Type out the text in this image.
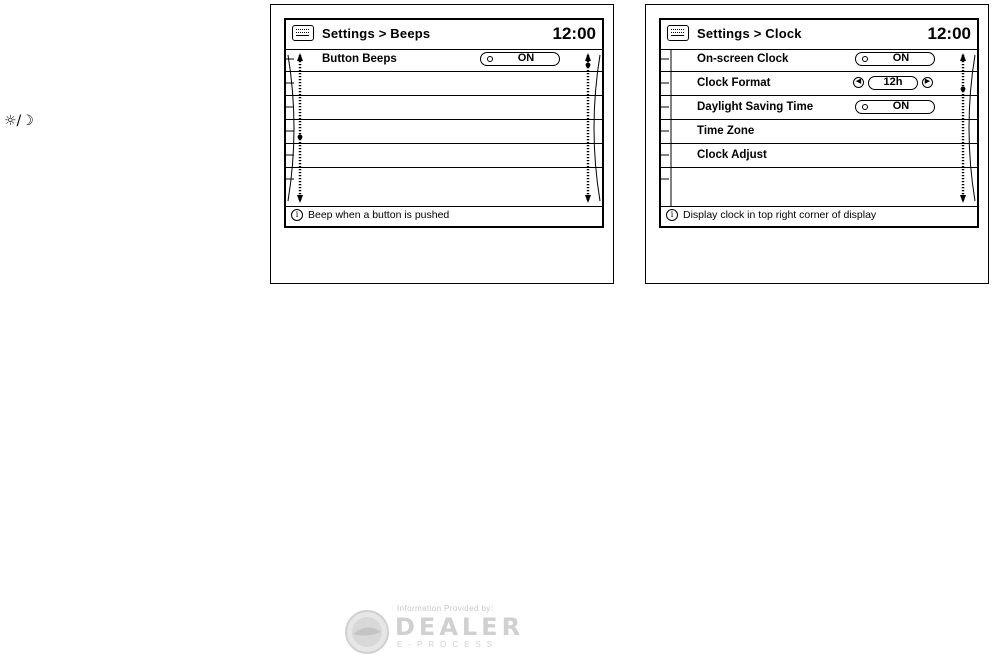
☼/☽
Settings > Beeps	12:00
Button Beeps	ON
i Beep when a button is pushed
Settings > Clock	12:00
On-screen Clock	ON
Clock Format	◀	12h	▶
Daylight Saving Time	ON
Time Zone
Clock Adjust
i Display clock in top right corner of display
Information Provided by:
DEALER
E-PROCESS
